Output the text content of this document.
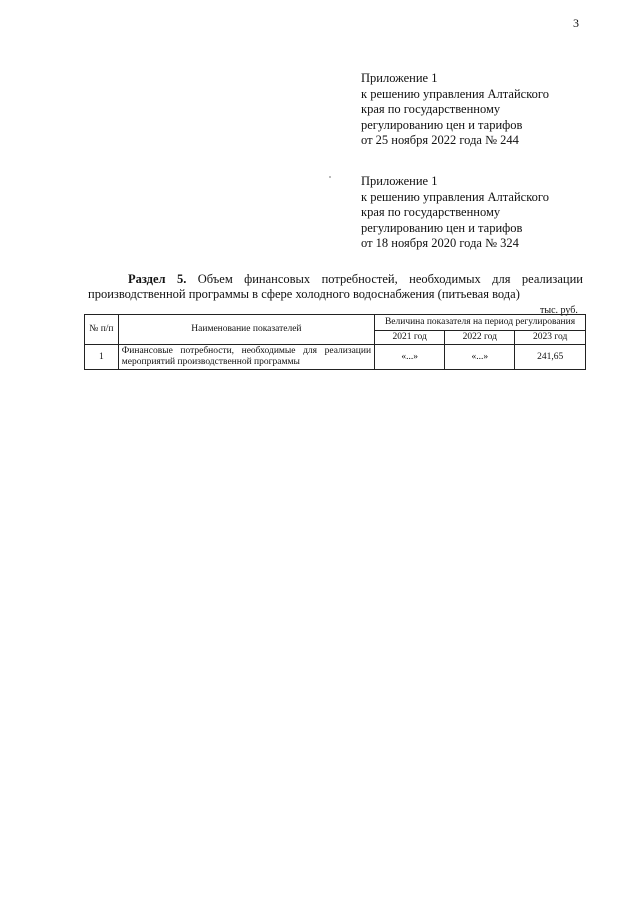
3
Приложение 1
к решению управления Алтайского
края по государственному
регулированию цен и тарифов
от 25 ноября 2022 года № 244
Приложение 1
к решению управления Алтайского
края по государственному
регулированию цен и тарифов
от 18 ноября 2020 года № 324
Раздел 5. Объем финансовых потребностей, необходимых для реализации
производственной программы в сфере холодного водоснабжения (питьевая вода)
тыс. руб.
№ п/п	Наименование показателей	Величина показателя на период регулирования		
		2021 год	2022 год	2023 год
1	Финансовые потребности, необходимые для реализации мероприятий производственной программы	«...»	«...»	241,65
